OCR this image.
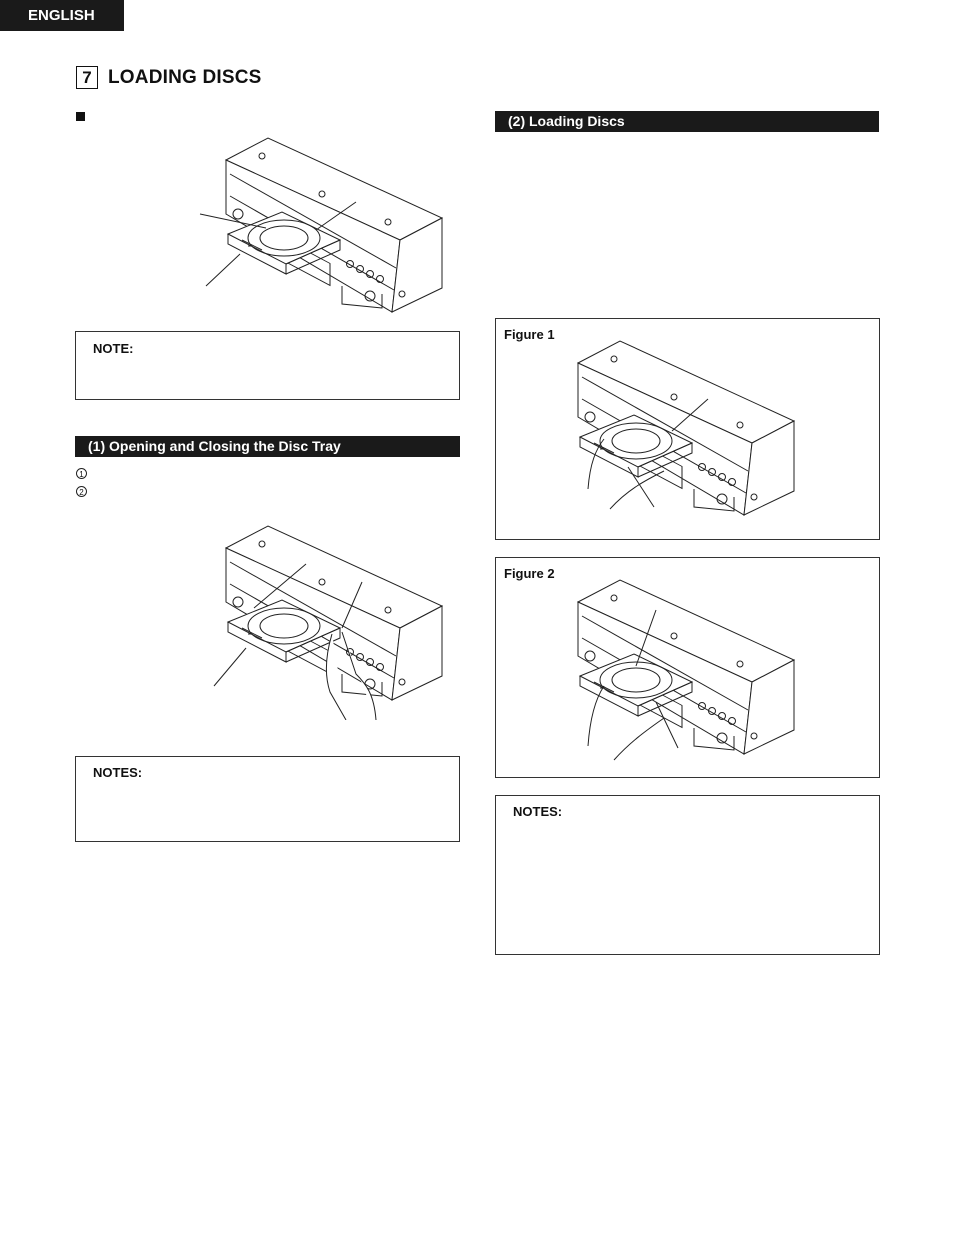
ENGLISH
7 LOADING DISCS
NOTE:
(1) Opening and Closing the Disc Tray
1
2
NOTES:
(2) Loading Discs
Figure 1
Figure 2
NOTES:
